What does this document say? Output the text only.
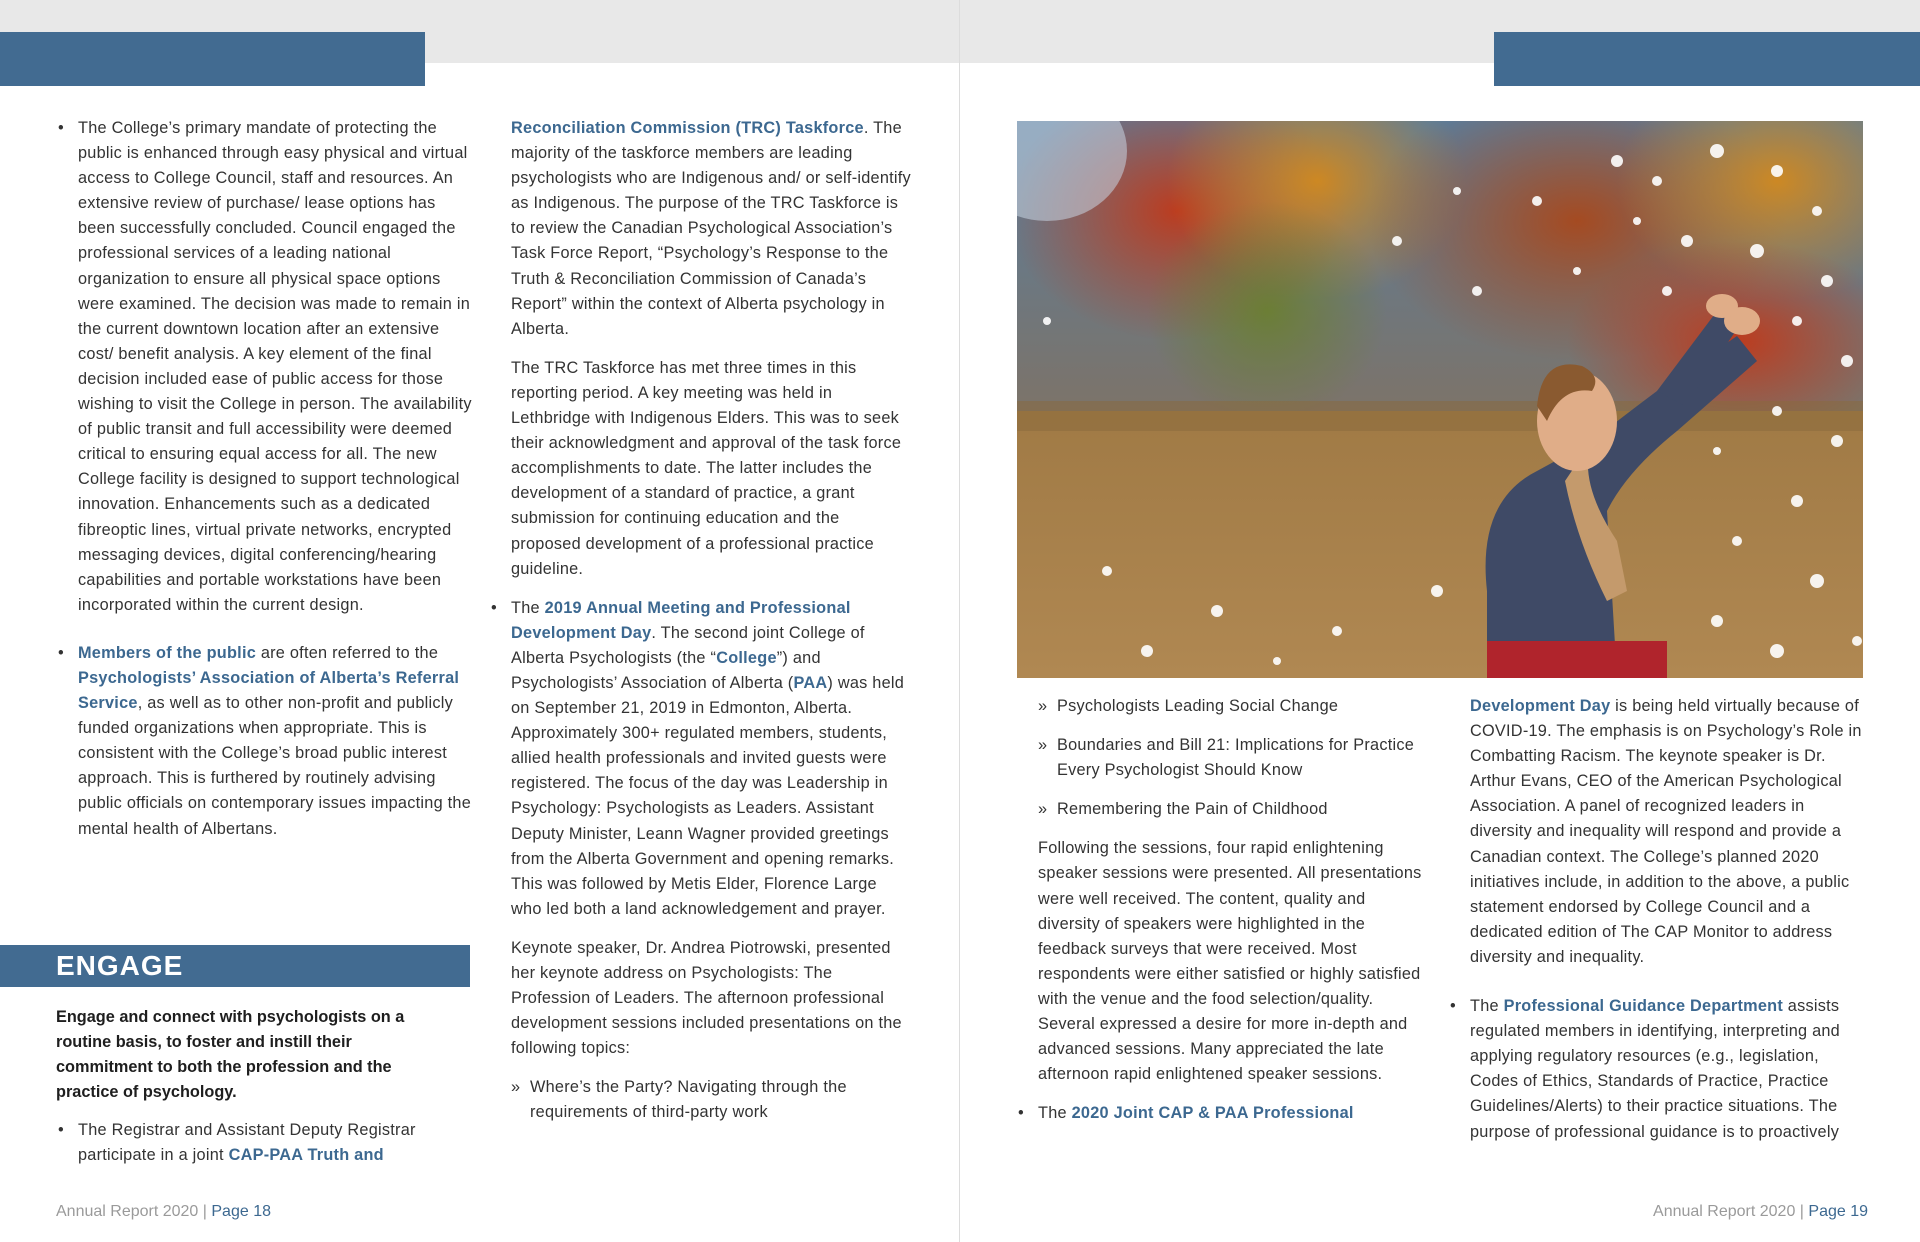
• The College’s primary mandate of protecting the public is enhanced through easy physical and virtual access to College Council, staff and resources. An extensive review of purchase/ lease options has been successfully concluded. Council engaged the professional services of a leading national organization to ensure all physical space options were examined. The decision was made to remain in the current downtown location after an extensive cost/ benefit analysis. A key element of the final decision included ease of public access for those wishing to visit the College in person. The availability of public transit and full accessibility were deemed critical to ensuring equal access for all. The new College facility is designed to support technological innovation. Enhancements such as a dedicated fibreoptic lines, virtual private networks, encrypted messaging devices, digital conferencing/hearing capabilities and portable workstations have been incorporated within the current design.
• Members of the public are often referred to the Psychologists’ Association of Alberta’s Referral Service, as well as to other non-profit and publicly funded organizations when appropriate. This is consistent with the College’s broad public interest approach. This is furthered by routinely advising public officials on contemporary issues impacting the mental health of Albertans.
ENGAGE
Engage and connect with psychologists on a routine basis, to foster and instill their commitment to both the profession and the practice of psychology.
• The Registrar and Assistant Deputy Registrar participate in a joint CAP-PAA Truth and

Reconciliation Commission (TRC) Taskforce. The majority of the taskforce members are leading psychologists who are Indigenous and/ or self-identify as Indigenous. The purpose of the TRC Taskforce is to review the Canadian Psychological Association’s Task Force Report, “Psychology’s Response to the Truth & Reconciliation Commission of Canada’s Report” within the context of Alberta psychology in Alberta.

The TRC Taskforce has met three times in this reporting period. A key meeting was held in Lethbridge with Indigenous Elders. This was to seek their acknowledgment and approval of the task force accomplishments to date. The latter includes the development of a standard of practice, a grant submission for continuing education and the proposed development of a professional practice guideline.

• The 2019 Annual Meeting and Professional Development Day. The second joint College of Alberta Psychologists (the “College”) and Psychologists’ Association of Alberta (PAA) was held on September 21, 2019 in Edmonton, Alberta. Approximately 300+ regulated members, students, allied health professionals and invited guests were registered. The focus of the day was Leadership in Psychology: Psychologists as Leaders. Assistant Deputy Minister, Leann Wagner provided greetings from the Alberta Government and opening remarks. This was followed by Metis Elder, Florence Large who led both a land acknowledgement and prayer.

Keynote speaker, Dr. Andrea Piotrowski, presented her keynote address on Psychologists: The Profession of Leaders. The afternoon professional development sessions included presentations on the following topics:

» Where’s the Party? Navigating through the requirements of third-party work
Annual Report 2020 | Page 18
» Psychologists Leading Social Change
» Boundaries and Bill 21: Implications for Practice Every Psychologist Should Know
» Remembering the Pain of Childhood

Following the sessions, four rapid enlightening speaker sessions were presented. All presentations were well received. The content, quality and diversity of speakers were highlighted in the feedback surveys that were received. Most respondents were either satisfied or highly satisfied with the venue and the food selection/quality. Several expressed a desire for more in-depth and advanced sessions. Many appreciated the late afternoon rapid enlightened speaker sessions.

• The 2020 Joint CAP & PAA Professional

Development Day is being held virtually because of COVID-19. The emphasis is on Psychology’s Role in Combatting Racism. The keynote speaker is Dr. Arthur Evans, CEO of the American Psychological Association. A panel of recognized leaders in diversity and inequality will respond and provide a Canadian context. The College’s planned 2020 initiatives include, in addition to the above, a public statement endorsed by College Council and a dedicated edition of The CAP Monitor to address diversity and inequality.

• The Professional Guidance Department assists regulated members in identifying, interpreting and applying regulatory resources (e.g., legislation, Codes of Ethics, Standards of Practice, Practice Guidelines/Alerts) to their practice situations. The purpose of professional guidance is to proactively
Annual Report 2020 | Page 19
